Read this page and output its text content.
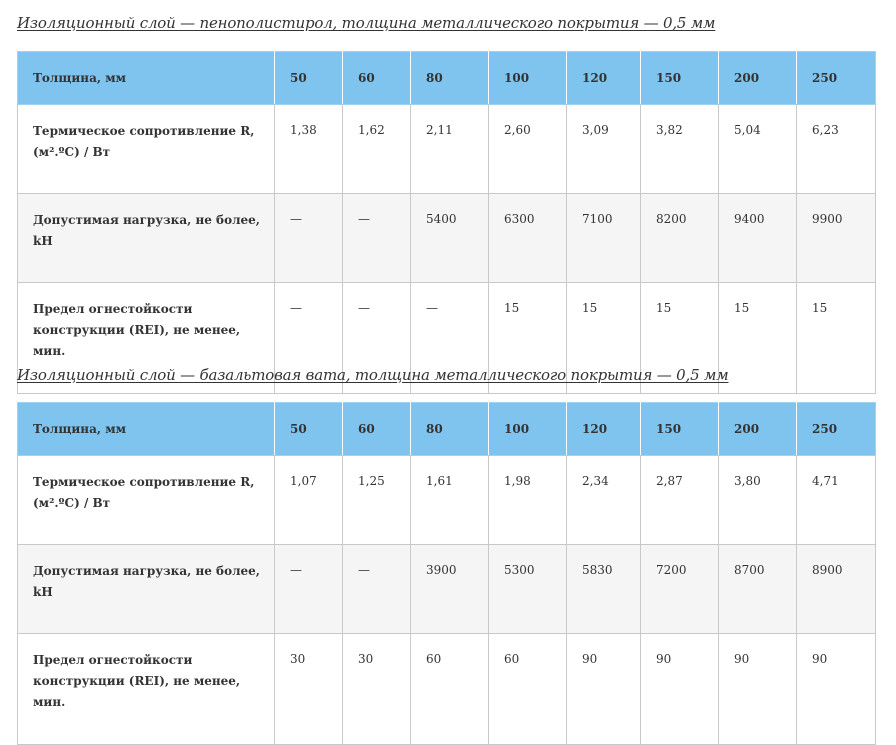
Изоляционный слой — пенополистирол, толщина металлического покрытия — 0,5 мм
Толщина, мм	50	60	80	100	120	150	200	250
Термическое сопротивление R, (м².ºС) / Вт	1,38	1,62	2,11	2,60	3,09	3,82	5,04	6,23
Допустимая нагрузка, не более, kH	—	—	5400	6300	7100	8200	9400	9900
Предел огнестойкости конструкции (REI), не менее, мин.	—	—	—	15	15	15	15	15
Изоляционный слой — базальтовая вата, толщина металлического покрытия — 0,5 мм
Толщина, мм	50	60	80	100	120	150	200	250
Термическое сопротивление R, (м².ºС) / Вт	1,07	1,25	1,61	1,98	2,34	2,87	3,80	4,71
Допустимая нагрузка, не более, kH	—	—	3900	5300	5830	7200	8700	8900
Предел огнестойкости конструкции (REI), не менее, мин.	30	30	60	60	90	90	90	90
